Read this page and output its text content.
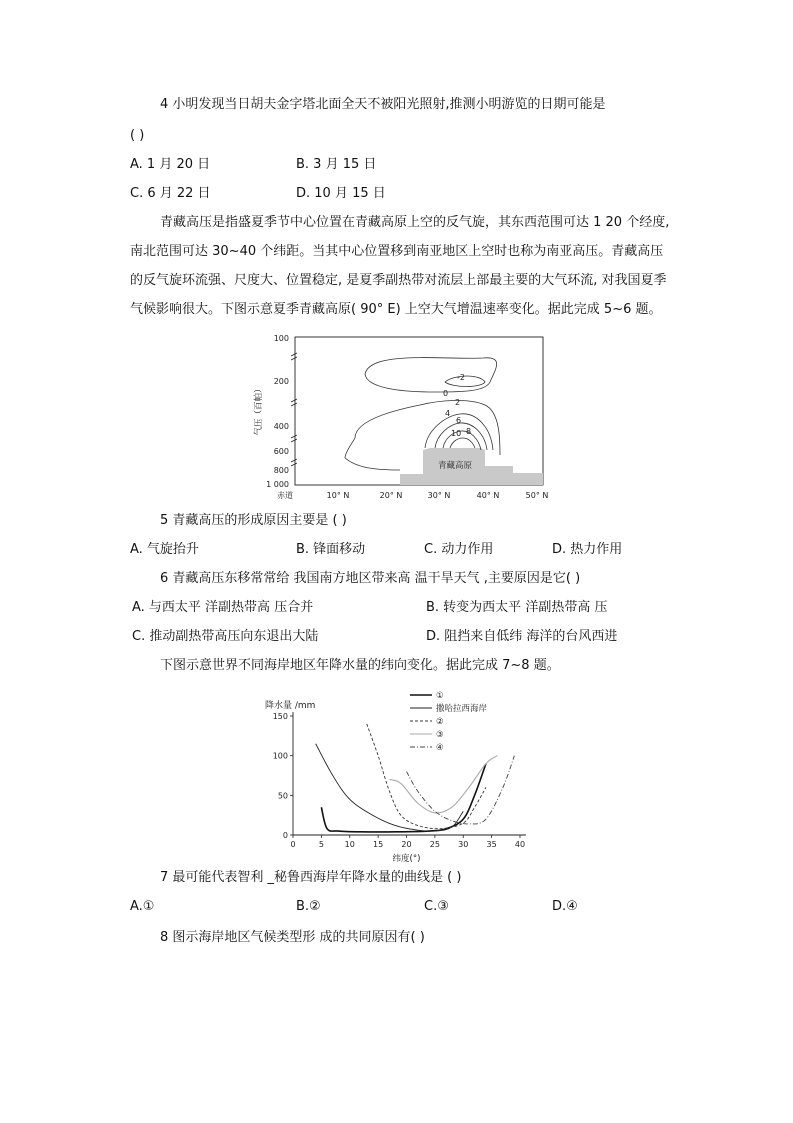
4 小明发现当日胡夫金字塔北面全天不被阳光照射,推测小明游览的日期可能是
( )
A. 1 月 20 日	B. 3 月 15 日
C. 6 月 22 日	D. 10 月 15 日
青藏高压是指盛夏季节中心位置在青藏高原上空的反气旋，其东西范围可达 1 20 个经度,
南北范围可达 30~40 个纬距。当其中心位置移到南亚地区上空时也称为南亚高压。青藏高压
的反气旋环流强、尺度大、位置稳定, 是夏季副热带对流层上部最主要的大气环流, 对我国夏季
气候影响很大。下图示意夏季青藏高原( 90° E) 上空大气增温速率变化。据此完成 5~6 题。
气压（百帕）
100
200
400
600
800
1 000
赤道	10° N	20° N	30° N	40° N	50° N
青藏高原
-2
0
2
4
6
10 8
5 青藏高压的形成原因主要是 ( )
A. 气旋抬升	B. 锋面移动	C. 动力作用	D. 热力作用
6 青藏高压东移常常给 我国南方地区带来高 温干旱天气 ,主要原因是它( )
A. 与西太平 洋副热带高 压合并	B. 转变为西太平 洋副热带高 压
C. 推动副热带高压向东退出大陆	D. 阻挡来自低纬 海洋的台风西进
下图示意世界不同海岸地区年降水量的纬向变化。据此完成 7~8 题。
降水量 /mm
纬度(°)
0	5	10 15 20 25 30 35 40
0
50
100
150
①
撒哈拉西海岸
②
③
④
7 最可能代表智利 _秘鲁西海岸年降水量的曲线是 ( )
A.①	B.②	C.③	D.④
8 图示海岸地区气候类型形 成的共同原因有( )
